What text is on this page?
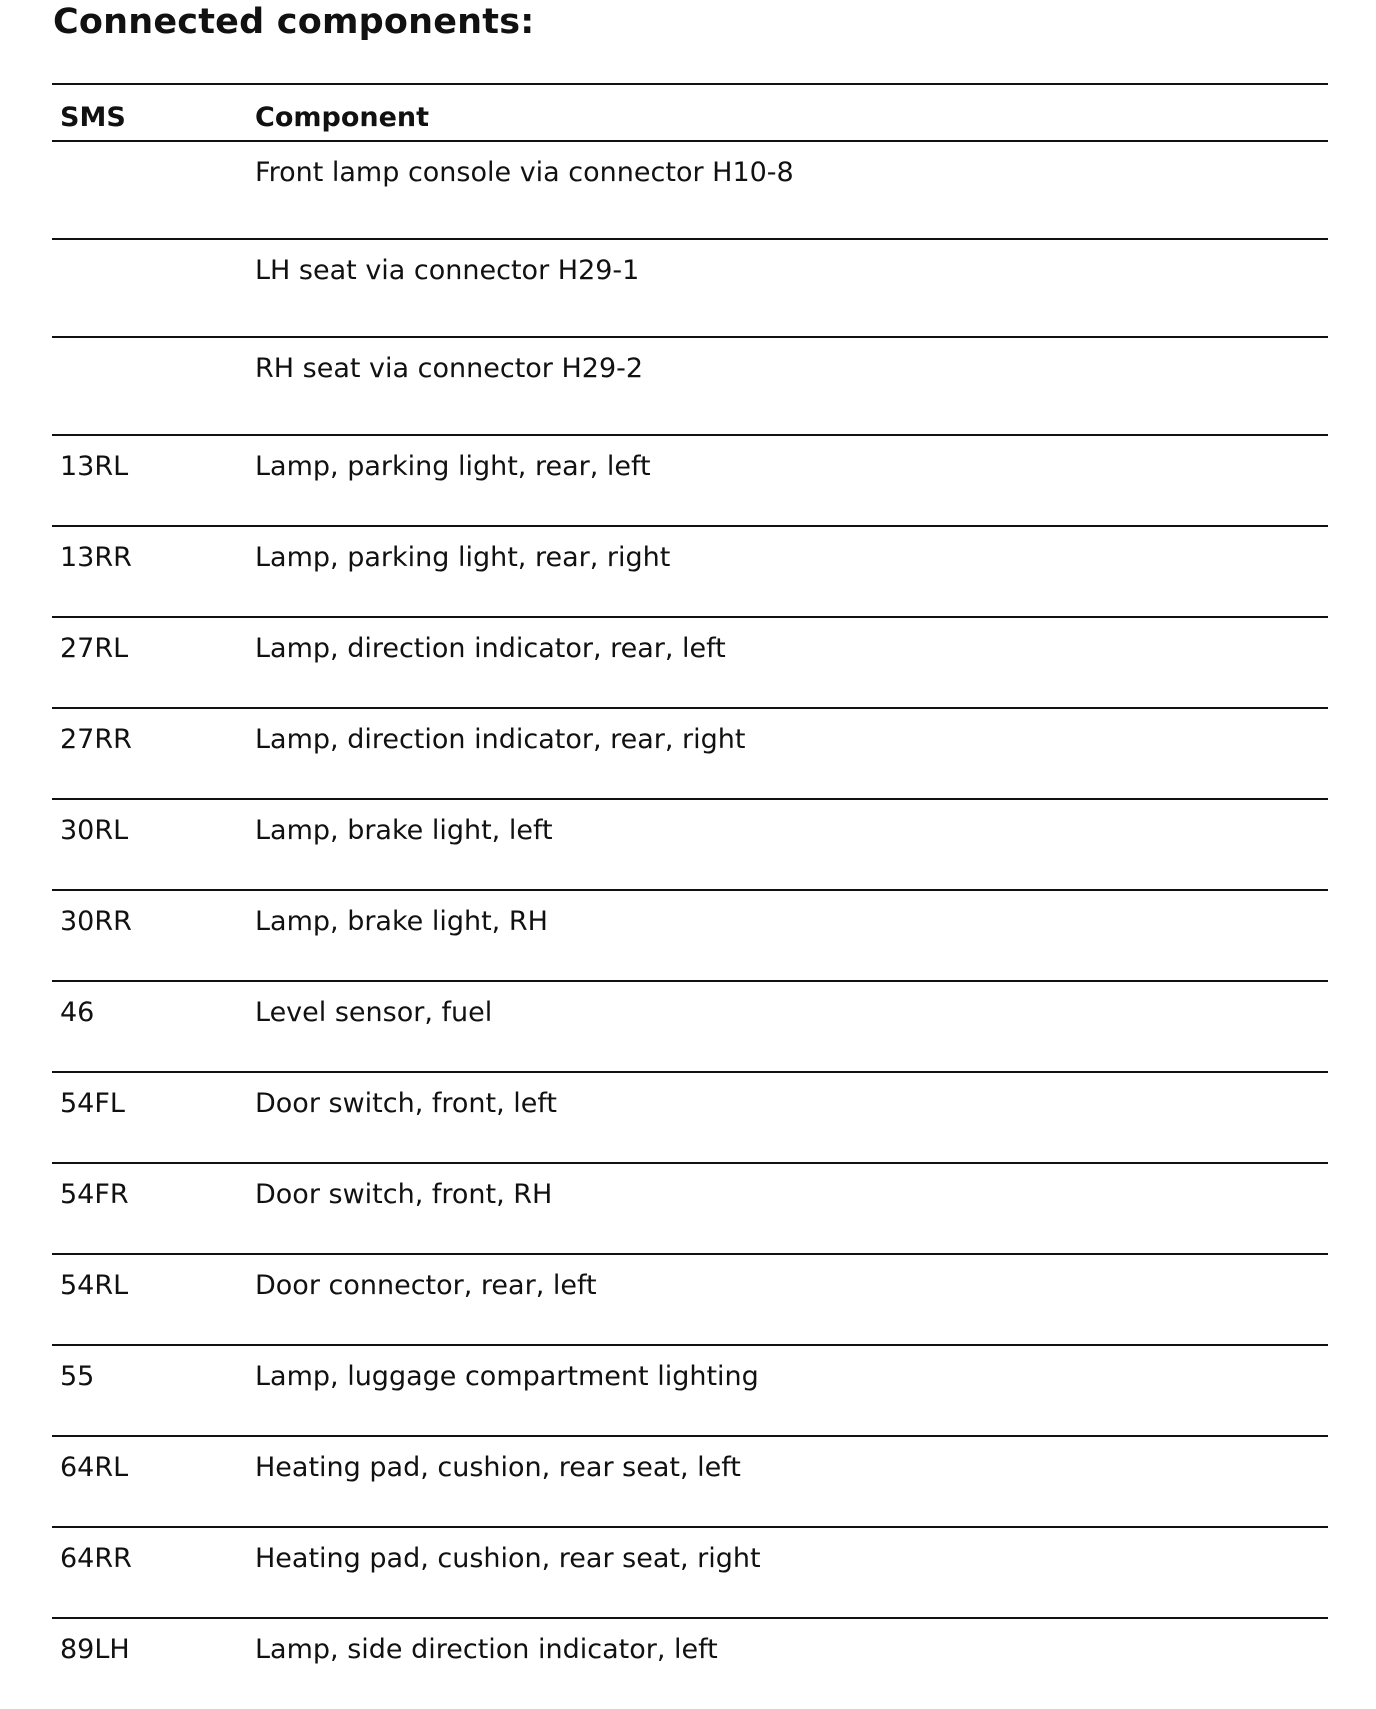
Connected components:
SMS	Component
	Front lamp console via connector H10-8
	LH seat via connector H29-1
	RH seat via connector H29-2
13RL	Lamp, parking light, rear, left
13RR	Lamp, parking light, rear, right
27RL	Lamp, direction indicator, rear, left
27RR	Lamp, direction indicator, rear, right
30RL	Lamp, brake light, left
30RR	Lamp, brake light, RH
46	Level sensor, fuel
54FL	Door switch, front, left
54FR	Door switch, front, RH
54RL	Door connector, rear, left
55	Lamp, luggage compartment lighting
64RL	Heating pad, cushion, rear seat, left
64RR	Heating pad, cushion, rear seat, right
89LH	Lamp, side direction indicator, left
